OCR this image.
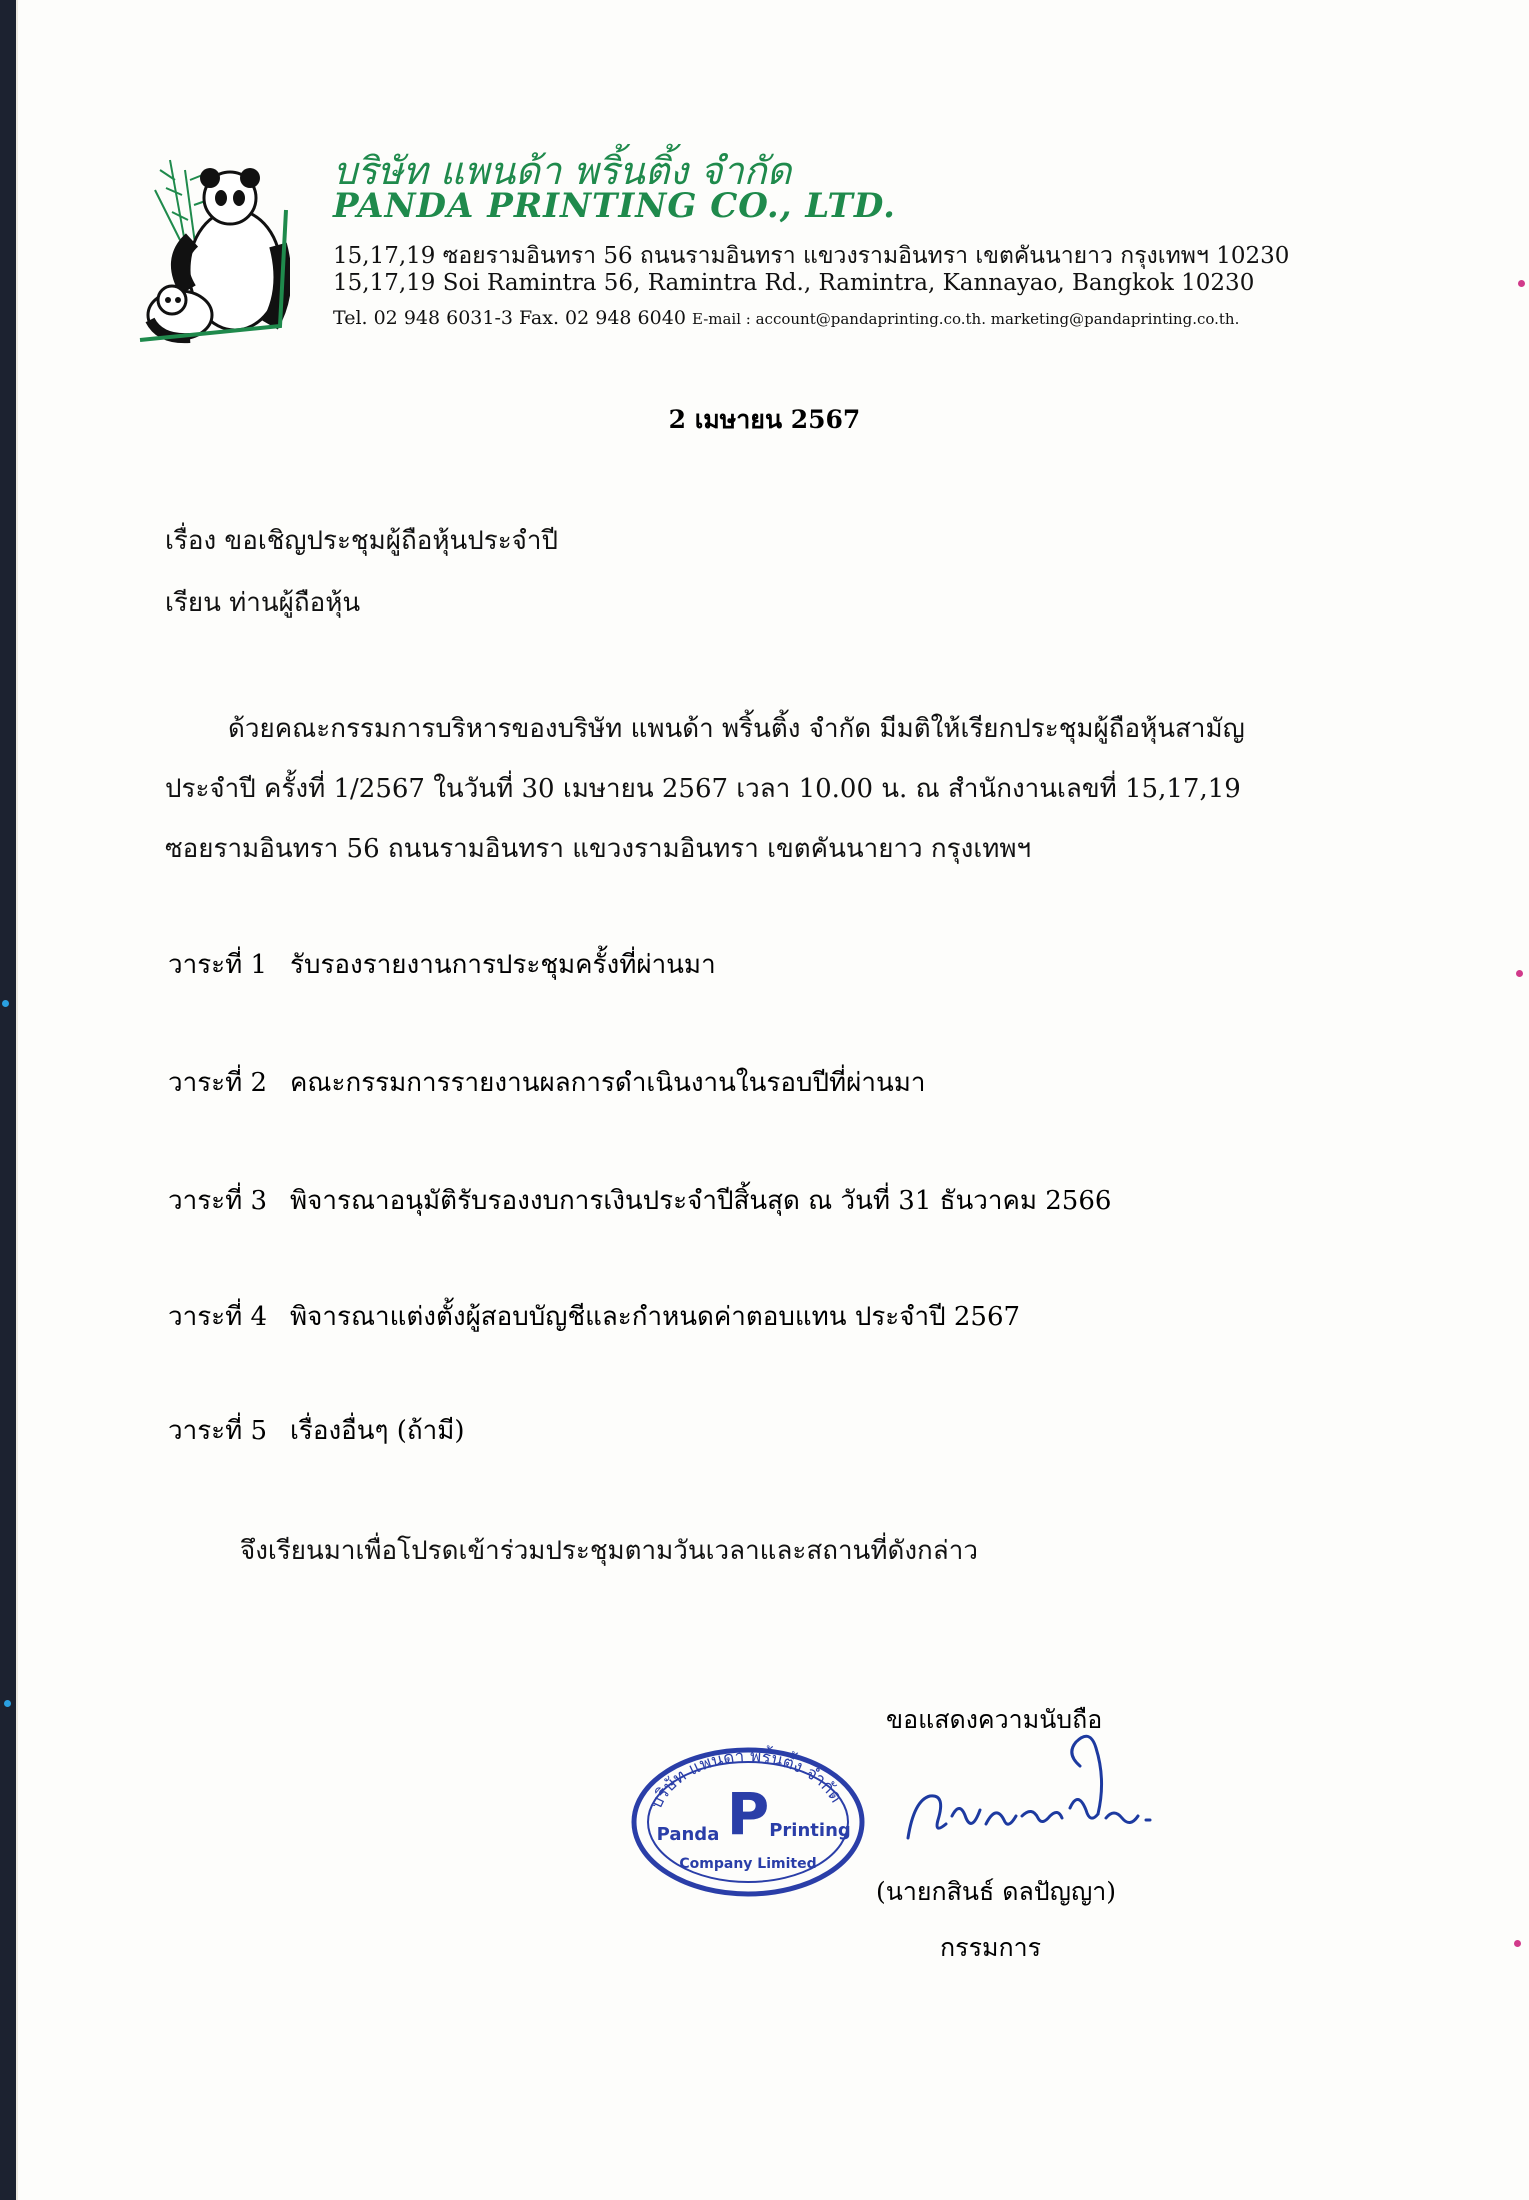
บริษัท แพนด้า พริ้นติ้ง จำกัด
PANDA PRINTING CO., LTD.
15,17,19 ซอยรามอินทรา 56 ถนนรามอินทรา แขวงรามอินทรา เขตคันนายาว กรุงเทพฯ 10230
15,17,19 Soi Ramintra 56, Ramintra Rd., Ramintra, Kannayao, Bangkok 10230
Tel. 02 948 6031-3 Fax. 02 948 6040 E-mail : account@pandaprinting.co.th. marketing@pandaprinting.co.th.
2 เมษายน 2567
เรื่อง ขอเชิญประชุมผู้ถือหุ้นประจำปี
เรียน ท่านผู้ถือหุ้น
ด้วยคณะกรรมการบริหารของบริษัท แพนด้า พริ้นติ้ง จำกัด มีมติให้เรียกประชุมผู้ถือหุ้นสามัญ
ประจำปี ครั้งที่ 1/2567 ในวันที่ 30 เมษายน 2567 เวลา 10.00 น. ณ สำนักงานเลขที่ 15,17,19
ซอยรามอินทรา 56 ถนนรามอินทรา แขวงรามอินทรา เขตคันนายาว กรุงเทพฯ
วาระที่ 1 รับรองรายงานการประชุมครั้งที่ผ่านมา
วาระที่ 2 คณะกรรมการรายงานผลการดำเนินงานในรอบปีที่ผ่านมา
วาระที่ 3 พิจารณาอนุมัติรับรองงบการเงินประจำปีสิ้นสุด ณ วันที่ 31 ธันวาคม 2566
วาระที่ 4 พิจารณาแต่งตั้งผู้สอบบัญชีและกำหนดค่าตอบแทน ประจำปี 2567
วาระที่ 5 เรื่องอื่นๆ (ถ้ามี)
จึงเรียนมาเพื่อโปรดเข้าร่วมประชุมตามวันเวลาและสถานที่ดังกล่าว
ขอแสดงความนับถือ
บริษัท แพนด้า พริ้นติ้ง จำกัด
P
Panda	Printing
Company Limited
(นายกสินธ์ ดลปัญญา)
กรรมการ
